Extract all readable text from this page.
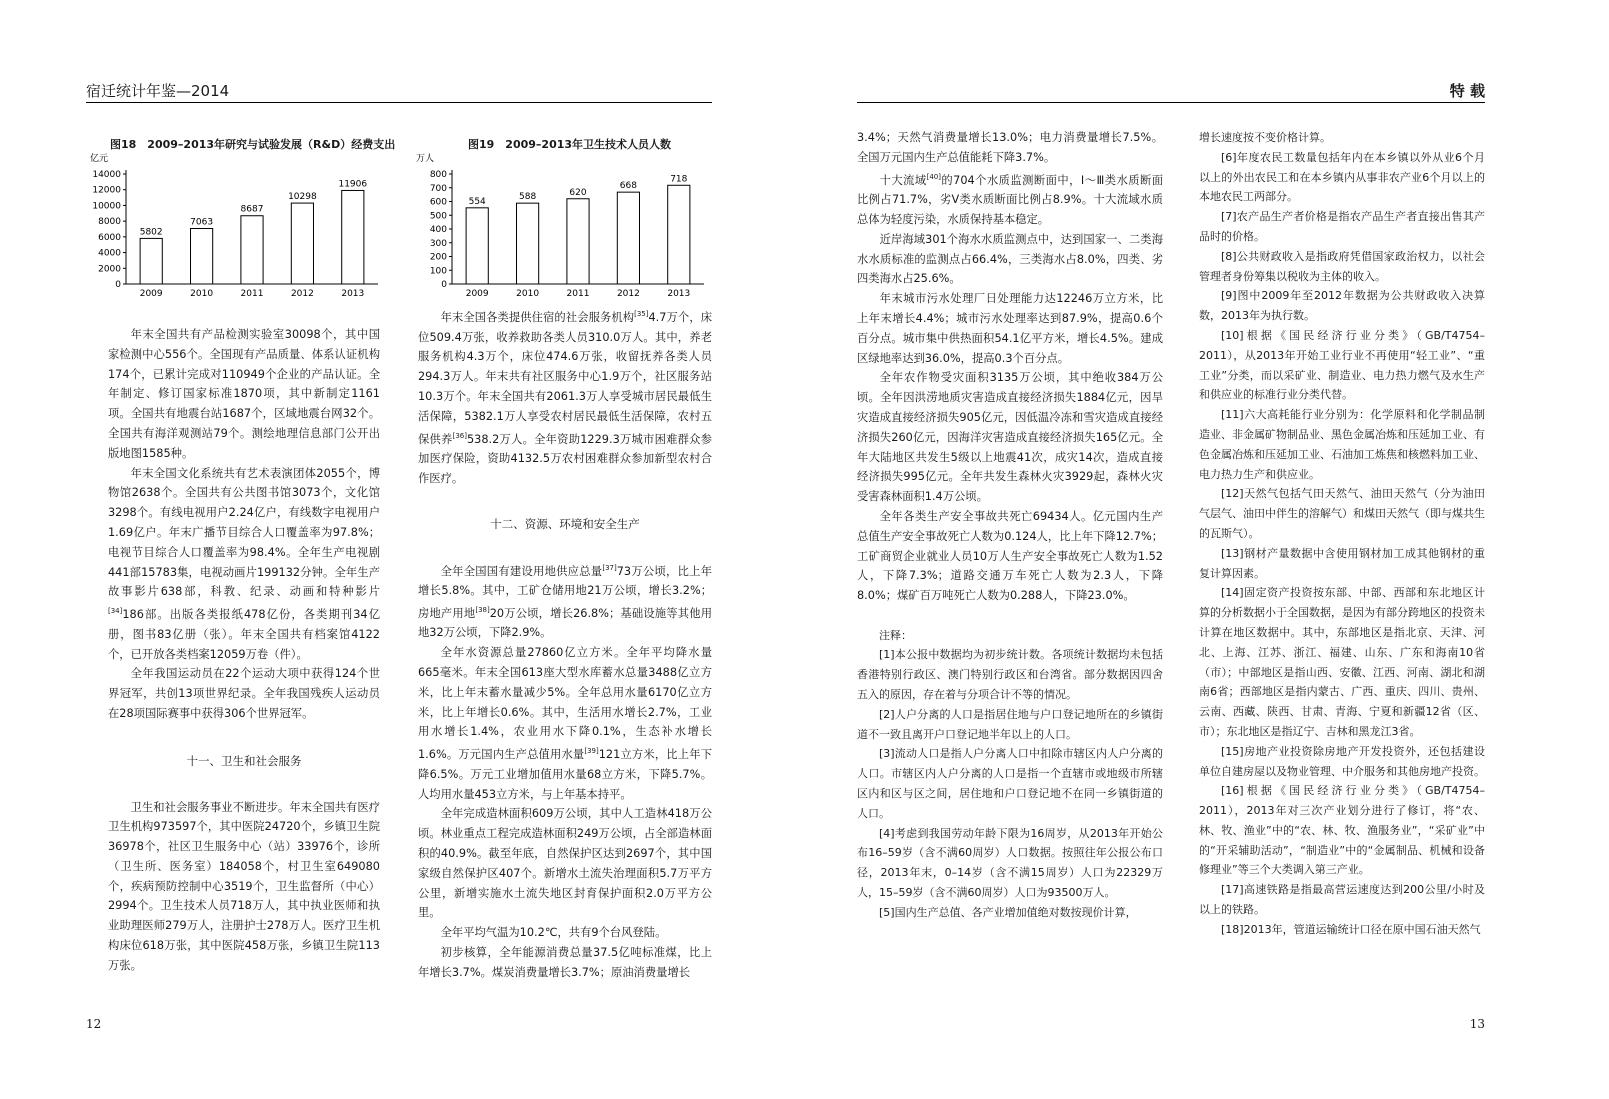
宿迁统计年鉴—2014
图18　2009–2013年研究与试验发展（R&D）经费支出
亿元
0
2000
4000
6000
8000
10000
12000
14000
5802
2009
7063
2010
8687
2011
10298
2012
11906
2013
图19　2009–2013年卫生技术人员人数
万人
0
100
200
300
400
500
600
700
800
554
2009
588
2010
620
2011
668
2012
718
2013

年末全国共有产品检测实验室30098个，其中国家检测中心556个。全国现有产品质量、体系认证机构174个，已累计完成对110949个企业的产品认证。全年制定、修订国家标准1870项，其中新制定1161项。全国共有地震台站1687个，区域地震台网32个。全国共有海洋观测站79个。测绘地理信息部门公开出版地图1585种。

年末全国文化系统共有艺术表演团体2055个，博物馆2638个。全国共有公共图书馆3073个，文化馆3298个。有线电视用户2.24亿户，有线数字电视用户1.69亿户。年末广播节目综合人口覆盖率为97.8%；电视节目综合人口覆盖率为98.4%。全年生产电视剧441部15783集，电视动画片199132分钟。全年生产故事影片638部，科教、纪录、动画和特种影片[34]186部。出版各类报纸478亿份，各类期刊34亿册，图书83亿册（张）。年末全国共有档案馆4122个，已开放各类档案12059万卷（件）。

全年我国运动员在22个运动大项中获得124个世界冠军，共创13项世界纪录。全年我国残疾人运动员在28项国际赛事中获得306个世界冠军。

十一、卫生和社会服务

卫生和社会服务事业不断进步。年末全国共有医疗卫生机构973597个，其中医院24720个，乡镇卫生院36978个，社区卫生服务中心（站）33976个，诊所（卫生所、医务室）184058个，村卫生室649080个，疾病预防控制中心3519个，卫生监督所（中心）2994个。卫生技术人员718万人，其中执业医师和执业助理医师279万人，注册护士278万人。医疗卫生机构床位618万张，其中医院458万张，乡镇卫生院113万张。

年末全国各类提供住宿的社会服务机构[35]4.7万个，床位509.4万张，收养救助各类人员310.0万人。其中，养老服务机构4.3万个，床位474.6万张，收留抚养各类人员294.3万人。年末共有社区服务中心1.9万个，社区服务站10.3万个。年末全国共有2061.3万人享受城市居民最低生活保障，5382.1万人享受农村居民最低生活保障，农村五保供养[36]538.2万人。全年资助1229.3万城市困难群众参加医疗保险，资助4132.5万农村困难群众参加新型农村合作医疗。

十二、资源、环境和安全生产

全年全国国有建设用地供应总量[37]73万公顷，比上年增长5.8%。其中，工矿仓储用地21万公顷，增长3.2%；房地产用地[38]20万公顷，增长26.8%；基础设施等其他用地32万公顷，下降2.9%。

全年水资源总量27860亿立方米。全年平均降水量665毫米。年末全国613座大型水库蓄水总量3488亿立方米，比上年末蓄水量减少5%。全年总用水量6170亿立方米，比上年增长0.6%。其中，生活用水增长2.7%，工业用水增长1.4%，农业用水下降0.1%，生态补水增长1.6%。万元国内生产总值用水量[39]121立方米，比上年下降6.5%。万元工业增加值用水量68立方米，下降5.7%。人均用水量453立方米，与上年基本持平。

全年完成造林面积609万公顷，其中人工造林418万公顷。林业重点工程完成造林面积249万公顷，占全部造林面积的40.9%。截至年底，自然保护区达到2697个，其中国家级自然保护区407个。新增水土流失治理面积5.7万平方公里，新增实施水土流失地区封育保护面积2.0万平方公里。

全年平均气温为10.2℃，共有9个台风登陆。

初步核算，全年能源消费总量37.5亿吨标准煤，比上年增长3.7%。煤炭消费量增长3.7%；原油消费量增长

12
特 载

3.4%；天然气消费量增长13.0%；电力消费量增长7.5%。全国万元国内生产总值能耗下降3.7%。

十大流域[40]的704个水质监测断面中，Ⅰ～Ⅲ类水质断面比例占71.7%，劣Ⅴ类水质断面比例占8.9%。十大流域水质总体为轻度污染，水质保持基本稳定。

近岸海域301个海水水质监测点中，达到国家一、二类海水水质标准的监测点占66.4%，三类海水占8.0%，四类、劣四类海水占25.6%。

年末城市污水处理厂日处理能力达12246万立方米，比上年末增长4.4%；城市污水处理率达到87.9%，提高0.6个百分点。城市集中供热面积54.1亿平方米，增长4.5%。建成区绿地率达到36.0%，提高0.3个百分点。

全年农作物受灾面积3135万公顷，其中绝收384万公顷。全年因洪涝地质灾害造成直接经济损失1884亿元，因旱灾造成直接经济损失905亿元，因低温冷冻和雪灾造成直接经济损失260亿元，因海洋灾害造成直接经济损失165亿元。全年大陆地区共发生5级以上地震41次，成灾14次，造成直接经济损失995亿元。全年共发生森林火灾3929起，森林火灾受害森林面积1.4万公顷。

全年各类生产安全事故共死亡69434人。亿元国内生产总值生产安全事故死亡人数为0.124人，比上年下降12.7%；工矿商贸企业就业人员10万人生产安全事故死亡人数为1.52人，下降7.3%；道路交通万车死亡人数为2.3人，下降8.0%；煤矿百万吨死亡人数为0.288人，下降23.0%。

注释：

[1]本公报中数据均为初步统计数。各项统计数据均未包括香港特别行政区、澳门特别行政区和台湾省。部分数据因四舍五入的原因，存在着与分项合计不等的情况。

[2]人户分离的人口是指居住地与户口登记地所在的乡镇街道不一致且离开户口登记地半年以上的人口。

[3]流动人口是指人户分离人口中扣除市辖区内人户分离的人口。市辖区内人户分离的人口是指一个直辖市或地级市所辖区内和区与区之间，居住地和户口登记地不在同一乡镇街道的人口。

[4]考虑到我国劳动年龄下限为16周岁，从2013年开始公布16–59岁（含不满60周岁）人口数据。按照往年公报公布口径，2013年末，0–14岁（含不满15周岁）人口为22329万人，15–59岁（含不满60周岁）人口为93500万人。

[5]国内生产总值、各产业增加值绝对数按现价计算，

增长速度按不变价格计算。

[6]年度农民工数量包括年内在本乡镇以外从业6个月以上的外出农民工和在本乡镇内从事非农产业6个月以上的本地农民工两部分。

[7]农产品生产者价格是指农产品生产者直接出售其产品时的价格。

[8]公共财政收入是指政府凭借国家政治权力，以社会管理者身份筹集以税收为主体的收入。

[9]图中2009年至2012年数据为公共财政收入决算数，2013年为执行数。

[10]根据《国民经济行业分类》（GB/T4754–2011），从2013年开始工业行业不再使用“轻工业”、“重工业”分类，而以采矿业、制造业、电力热力燃气及水生产和供应业的标准行业分类代替。

[11]六大高耗能行业分别为：化学原料和化学制品制造业、非金属矿物制品业、黑色金属冶炼和压延加工业、有色金属冶炼和压延加工业、石油加工炼焦和核燃料加工业、电力热力生产和供应业。

[12]天然气包括气田天然气、油田天然气（分为油田气层气、油田中伴生的溶解气）和煤田天然气（即与煤共生的瓦斯气）。

[13]钢材产量数据中含使用钢材加工成其他钢材的重复计算因素。

[14]固定资产投资按东部、中部、西部和东北地区计算的分析数据小于全国数据，是因为有部分跨地区的投资未计算在地区数据中。其中，东部地区是指北京、天津、河北、上海、江苏、浙江、福建、山东、广东和海南10省（市）；中部地区是指山西、安徽、江西、河南、湖北和湖南6省；西部地区是指内蒙古、广西、重庆、四川、贵州、云南、西藏、陕西、甘肃、青海、宁夏和新疆12省（区、市）；东北地区是指辽宁、吉林和黑龙江3省。

[15]房地产业投资除房地产开发投资外，还包括建设单位自建房屋以及物业管理、中介服务和其他房地产投资。

[16]根据《国民经济行业分类》（GB/T4754–2011），2013年对三次产业划分进行了修订，将“农、林、牧、渔业”中的“农、林、牧、渔服务业”，“采矿业”中的“开采辅助活动”，“制造业”中的“金属制品、机械和设备修理业”等三个大类调入第三产业。

[17]高速铁路是指最高营运速度达到200公里/小时及以上的铁路。

[18]2013年，管道运输统计口径在原中国石油天然气

13
